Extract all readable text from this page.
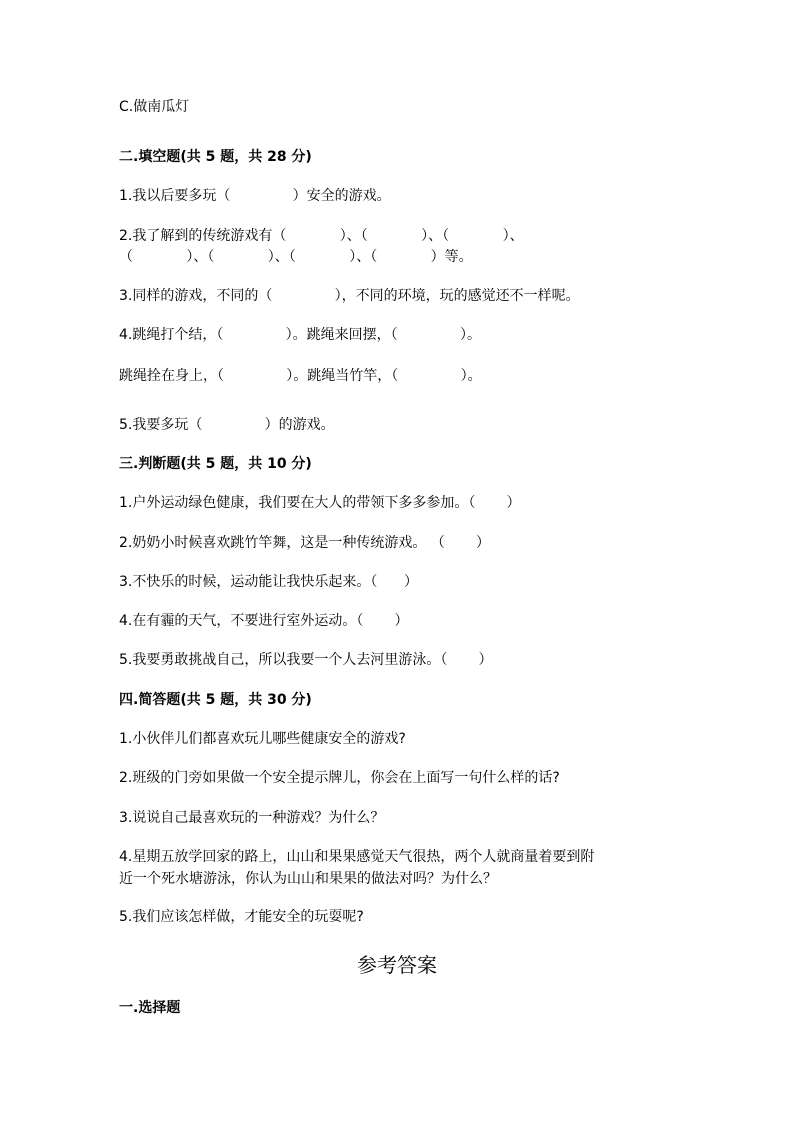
C.做南瓜灯
二.填空题(共 5 题，共 28 分)
1.我以后要多玩（              ）安全的游戏。
2.我了解到的传统游戏有（            ）、（            ）、（            ）、
（            ）、（            ）、（            ）、（            ）等。
3.同样的游戏，不同的（              ），不同的环境，玩的感觉还不一样呢。
4.跳绳打个结，（              ）。跳绳来回摆，（              ）。
跳绳拴在身上，（              ）。跳绳当竹竿，（              ）。
5.我要多玩（              ）的游戏。
三.判断题(共 5 题，共 10 分)
1.户外运动绿色健康，我们要在大人的带领下多多参加。（       ）
2.奶奶小时候喜欢跳竹竿舞，这是一种传统游戏。 （       ）
3.不快乐的时候，运动能让我快乐起来。（      ）
4.在有霾的天气，不要进行室外运动。（       ）
5.我要勇敢挑战自己，所以我要一个人去河里游泳。（       ）
四.简答题(共 5 题，共 30 分)
1.小伙伴儿们都喜欢玩儿哪些健康安全的游戏?
2.班级的门旁如果做一个安全提示牌儿，你会在上面写一句什么样的话?
3.说说自己最喜欢玩的一种游戏？为什么？
4.星期五放学回家的路上，山山和果果感觉天气很热，两个人就商量着要到附
近一个死水塘游泳，你认为山山和果果的做法对吗？为什么？
5.我们应该怎样做，才能安全的玩耍呢?
参考答案
一.选择题
